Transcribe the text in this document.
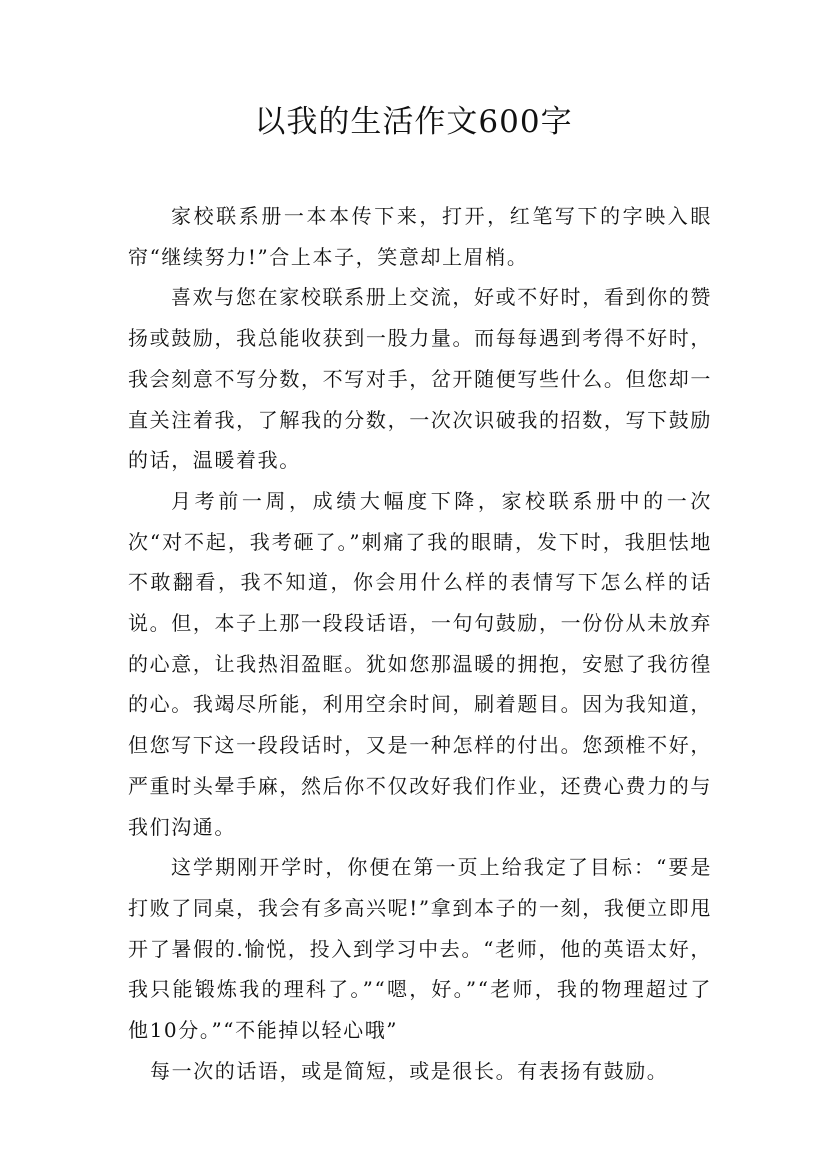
以我的生活作文600字

家校联系册一本本传下来，打开，红笔写下的字映入眼帘“继续努力!”合上本子，笑意却上眉梢。

喜欢与您在家校联系册上交流，好或不好时，看到你的赞扬或鼓励，我总能收获到一股力量。而每每遇到考得不好时，我会刻意不写分数，不写对手，岔开随便写些什么。但您却一直关注着我，了解我的分数，一次次识破我的招数，写下鼓励的话，温暖着我。

月考前一周，成绩大幅度下降，家校联系册中的一次次“对不起，我考砸了。”刺痛了我的眼睛，发下时，我胆怯地不敢翻看，我不知道，你会用什么样的表情写下怎么样的话说。但，本子上那一段段话语，一句句鼓励，一份份从未放弃的心意，让我热泪盈眶。犹如您那温暖的拥抱，安慰了我彷徨的心。我竭尽所能，利用空余时间，刷着题目。因为我知道，但您写下这一段段话时，又是一种怎样的付出。您颈椎不好，严重时头晕手麻，然后你不仅改好我们作业，还费心费力的与我们沟通。

这学期刚开学时，你便在第一页上给我定了目标：“要是打败了同桌，我会有多高兴呢!”拿到本子的一刻，我便立即甩开了暑假的.愉悦，投入到学习中去。“老师，他的英语太好，我只能锻炼我的理科了。”“嗯，好。”“老师，我的物理超过了他10分。”“不能掉以轻心哦”

每一次的话语，或是简短，或是很长。有表扬有鼓励。
